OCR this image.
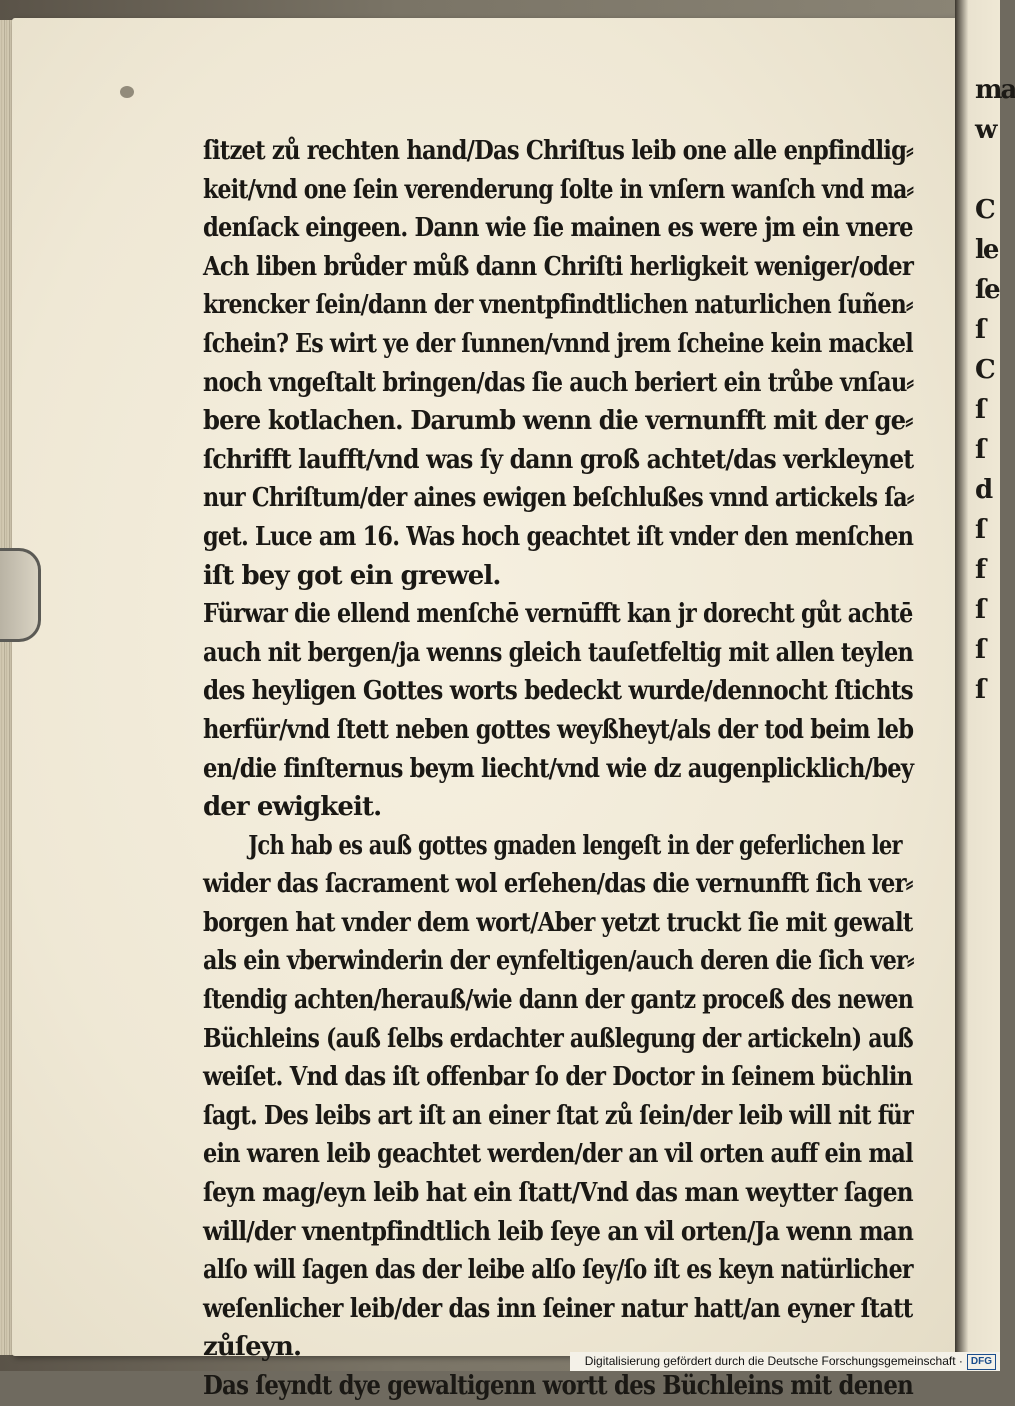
ma
w

C
le
ſe
ſ
C
ſ
ſ
d
ſ
f
ſ
ſ
ſ
ſitzet zů rechten hand/Das Chriſtus leib one alle enpfindlig⸗
keit/vnd one ſein verenderung ſolte in vnſern wanſch vnd ma⸗
denſack eingeen. Dann wie ſie mainen es were jm ein vnere
Ach liben brůder můß dann Chriſti herligkeit weniger/oder
krencker ſein/dann der vnentpfindtlichen naturlichen ſuñen⸗
ſchein? Es wirt ye der ſunnen/vnnd jrem ſcheine kein mackel
noch vngeſtalt bringen/das ſie auch beriert ein trůbe vnſau⸗
bere kotlachen. Darumb wenn die vernunfft mit der ge⸗
ſchrifft laufft/vnd was ſy dann groß achtet/das verkleynet
nur Chriſtum/der aines ewigen beſchlußes vnnd artickels ſa⸗
get. Luce am 16. Was hoch geachtet iſt vnder den menſchen
iſt bey got ein grewel.
Fürwar die ellend menſchē vernūfft kan jr dorecht gůt achtē
auch nit bergen/ja wenns gleich tauſetfeltig mit allen teylen
des heyligen Gottes worts bedeckt wurde/dennocht ſtichts
herfür/vnd ſtett neben gottes weyßheyt/als der tod beim leb
en/die finſternus beym liecht/vnd wie dz augenplicklich/bey
der ewigkeit.
Jch hab es auß gottes gnaden lengeſt in der geferlichen ler
wider das ſacrament wol erſehen/das die vernunfft ſich ver⸗
borgen hat vnder dem wort/Aber yetzt truckt ſie mit gewalt
als ein vberwinderin der eynfeltigen/auch deren die ſich ver⸗
ſtendig achten/herauß/wie dann der gantz proceß des newen
Büchleins (auß ſelbs erdachter außlegung der artickeln) auß
weiſet. Vnd das iſt offenbar ſo der Doctor in ſeinem büchlin
ſagt. Des leibs art iſt an einer ſtat zů ſein/der leib will nit für
ein waren leib geachtet werden/der an vil orten auff ein mal
ſeyn mag/eyn leib hat ein ſtatt/Vnd das man weytter ſagen
will/der vnentpfindtlich leib ſeye an vil orten/Ja wenn man
alſo will ſagen das der leibe alſo ſey/ſo iſt es keyn natürlicher
weſenlicher leib/der das inn ſeiner natur hatt/an eyner ſtatt
zůſeyn.
Das ſeyndt dye gewaltigenn wortt des Büchleins mit denen
Digitalisierung gefördert durch die Deutsche Forschungsgemeinschaft · DFG
